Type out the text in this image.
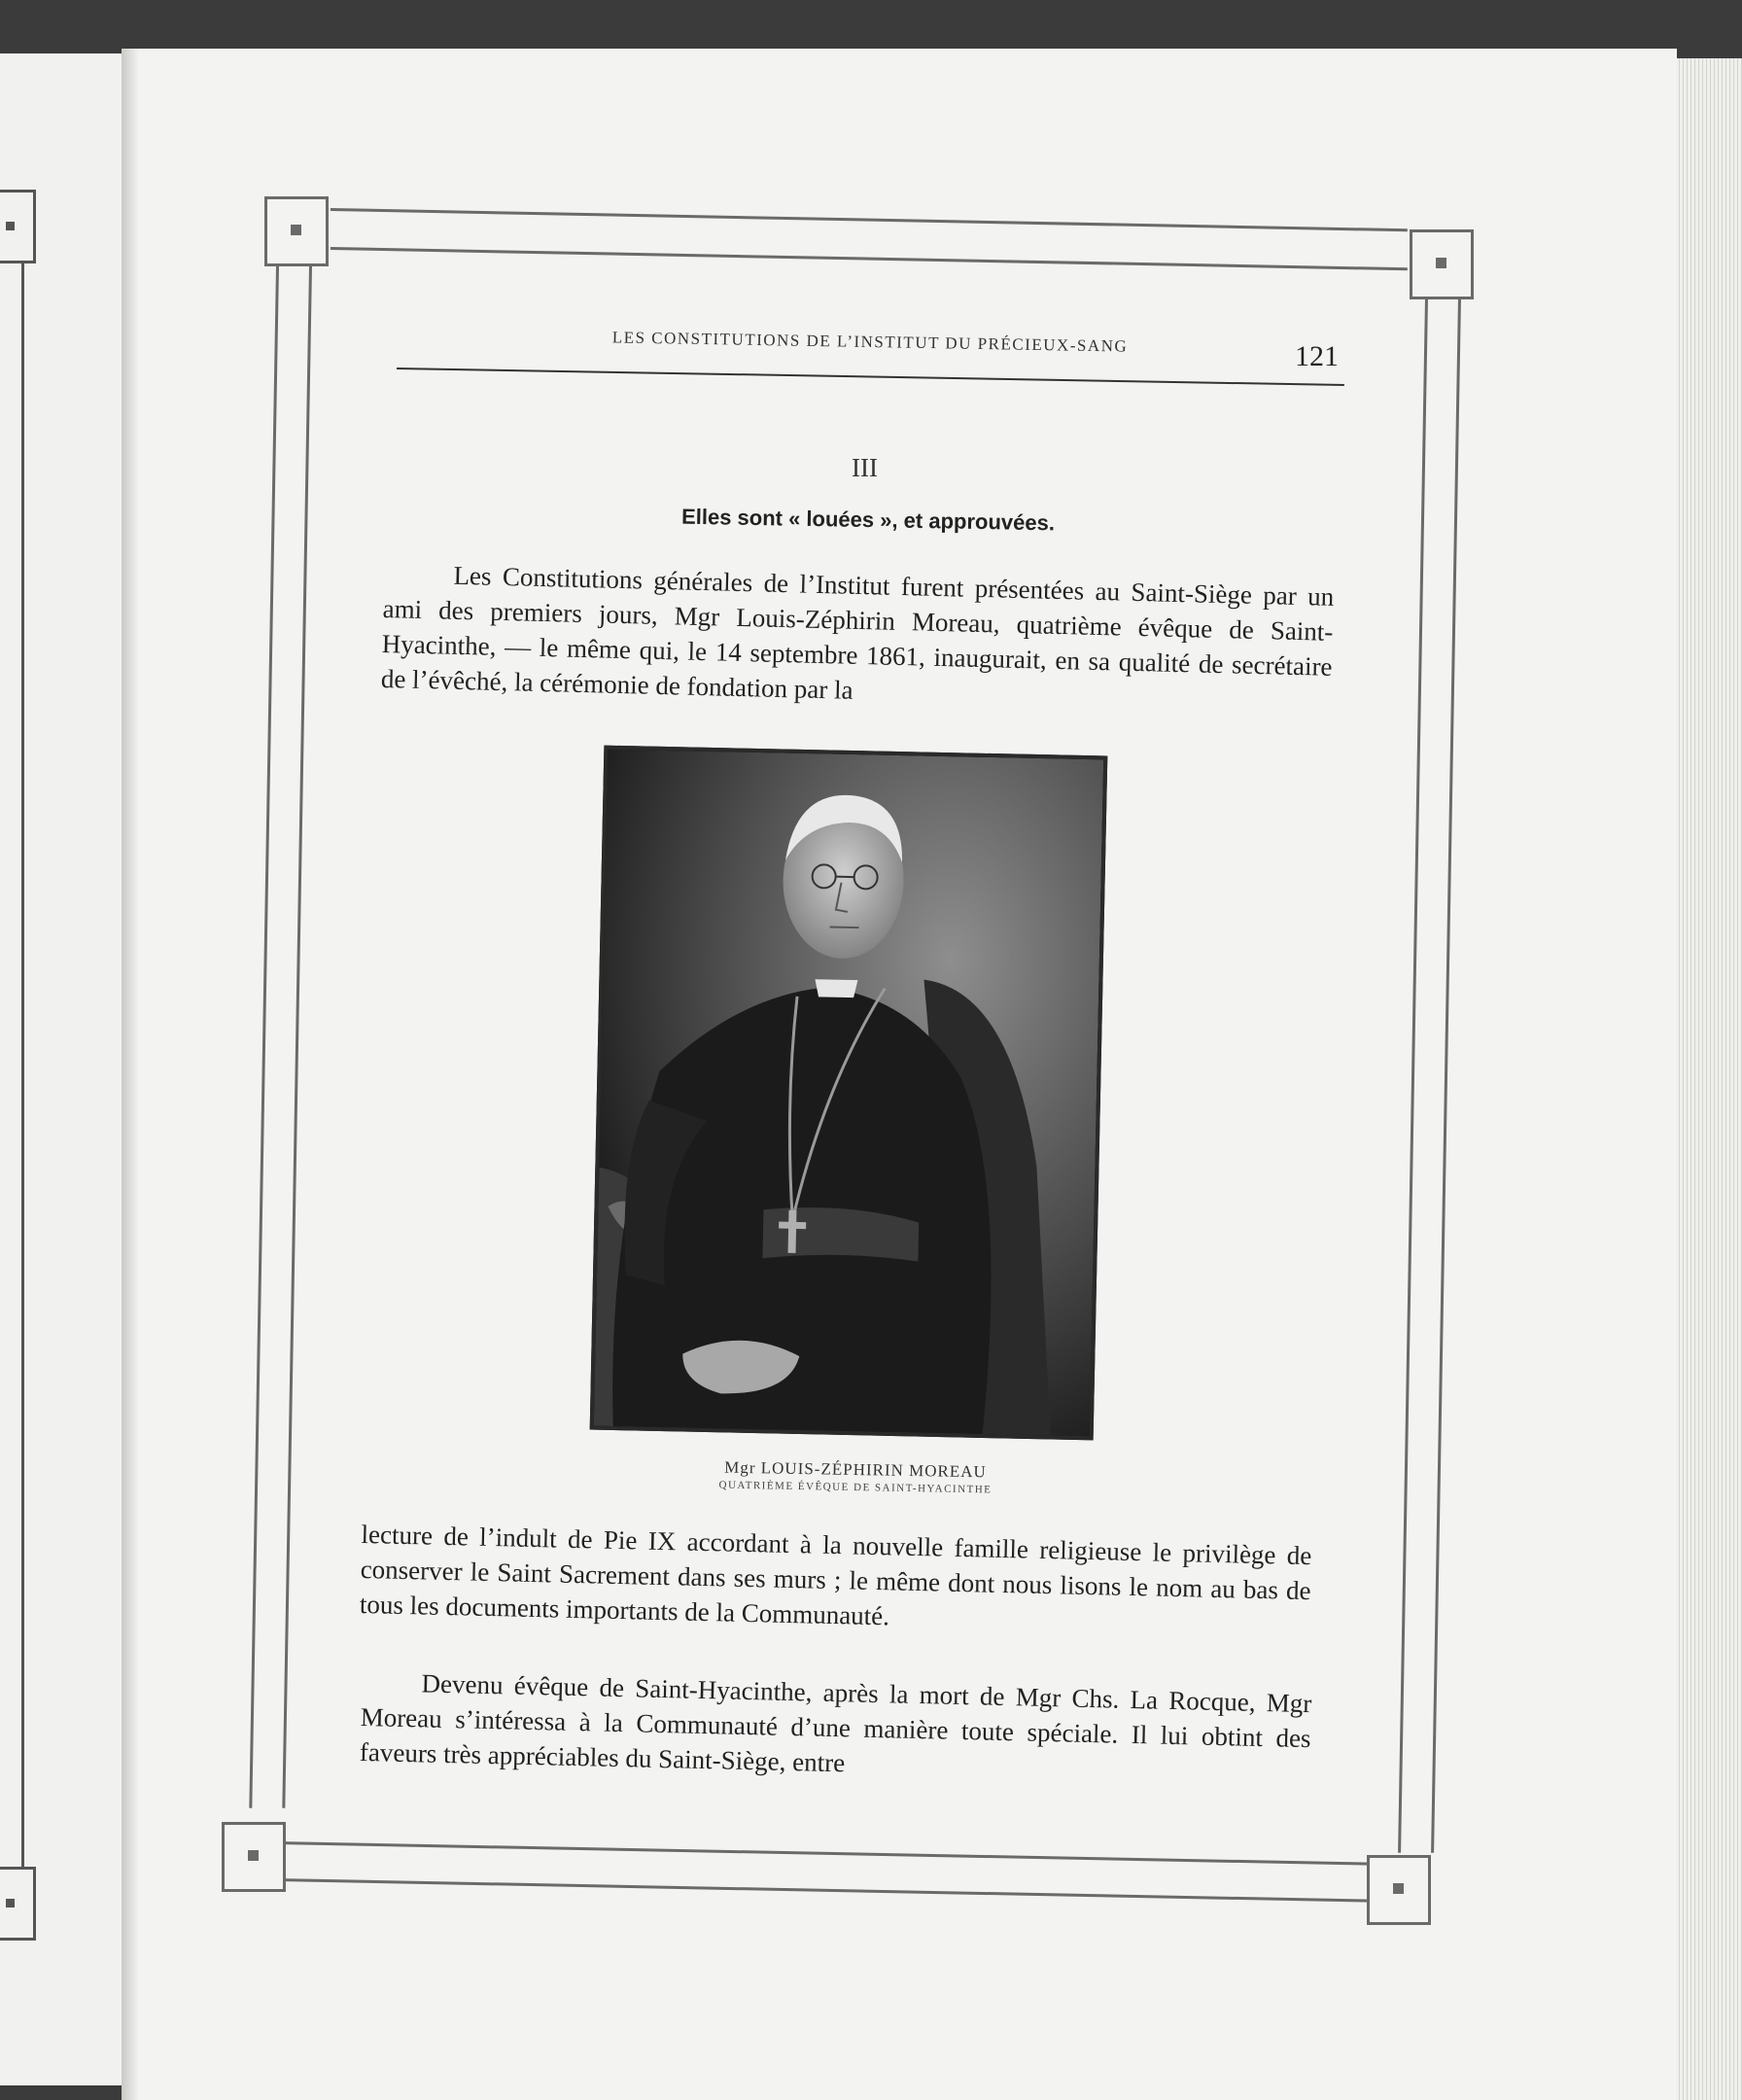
LES CONSTITUTIONS DE L’INSTITUT DU PRÉCIEUX-SANG	121
III
Elles sont « louées », et approuvées.
Les Constitutions générales de l’Institut furent présentées au Saint-Siège par un ami des premiers jours, Mgr Louis-Zéphirin Moreau, quatrième évêque de Saint-Hyacinthe, — le même qui, le 14 septembre 1861, inaugurait, en sa qualité de secrétaire de l’évêché, la cérémonie de fondation par la
Mgr LOUIS-ZÉPHIRIN MOREAU
QUATRIÈME ÉVÊQUE DE SAINT-HYACINTHE
lecture de l’indult de Pie IX accordant à la nouvelle famille religieuse le privilège de conserver le Saint Sacrement dans ses murs ; le même dont nous lisons le nom au bas de tous les documents importants de la Communauté.
Devenu évêque de Saint-Hyacinthe, après la mort de Mgr Chs. La Rocque, Mgr Moreau s’intéressa à la Communauté d’une manière toute spéciale. Il lui obtint des faveurs très appréciables du Saint-Siège, entre
